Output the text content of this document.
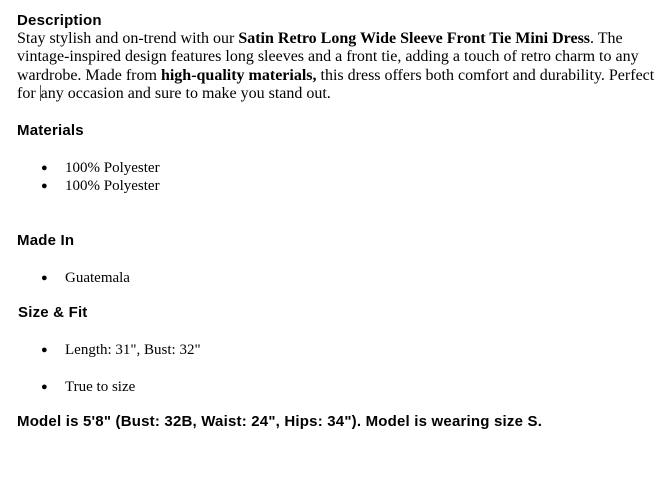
Description

Stay stylish and on-trend with our Satin Retro Long Wide Sleeve Front Tie Mini Dress. The vintage-inspired design features long sleeves and a front tie, adding a touch of retro charm to any wardrobe. Made from high-quality materials, this dress offers both comfort and durability. Perfect for any occasion and sure to make you stand out.

Materials
● 100% Polyester
● 100% Polyester
Made In
● Guatemala
Size & Fit
● Length: 31", Bust: 32"
● True to size

Model is 5'8" (Bust: 32B, Waist: 24", Hips: 34"). Model is wearing size S.
